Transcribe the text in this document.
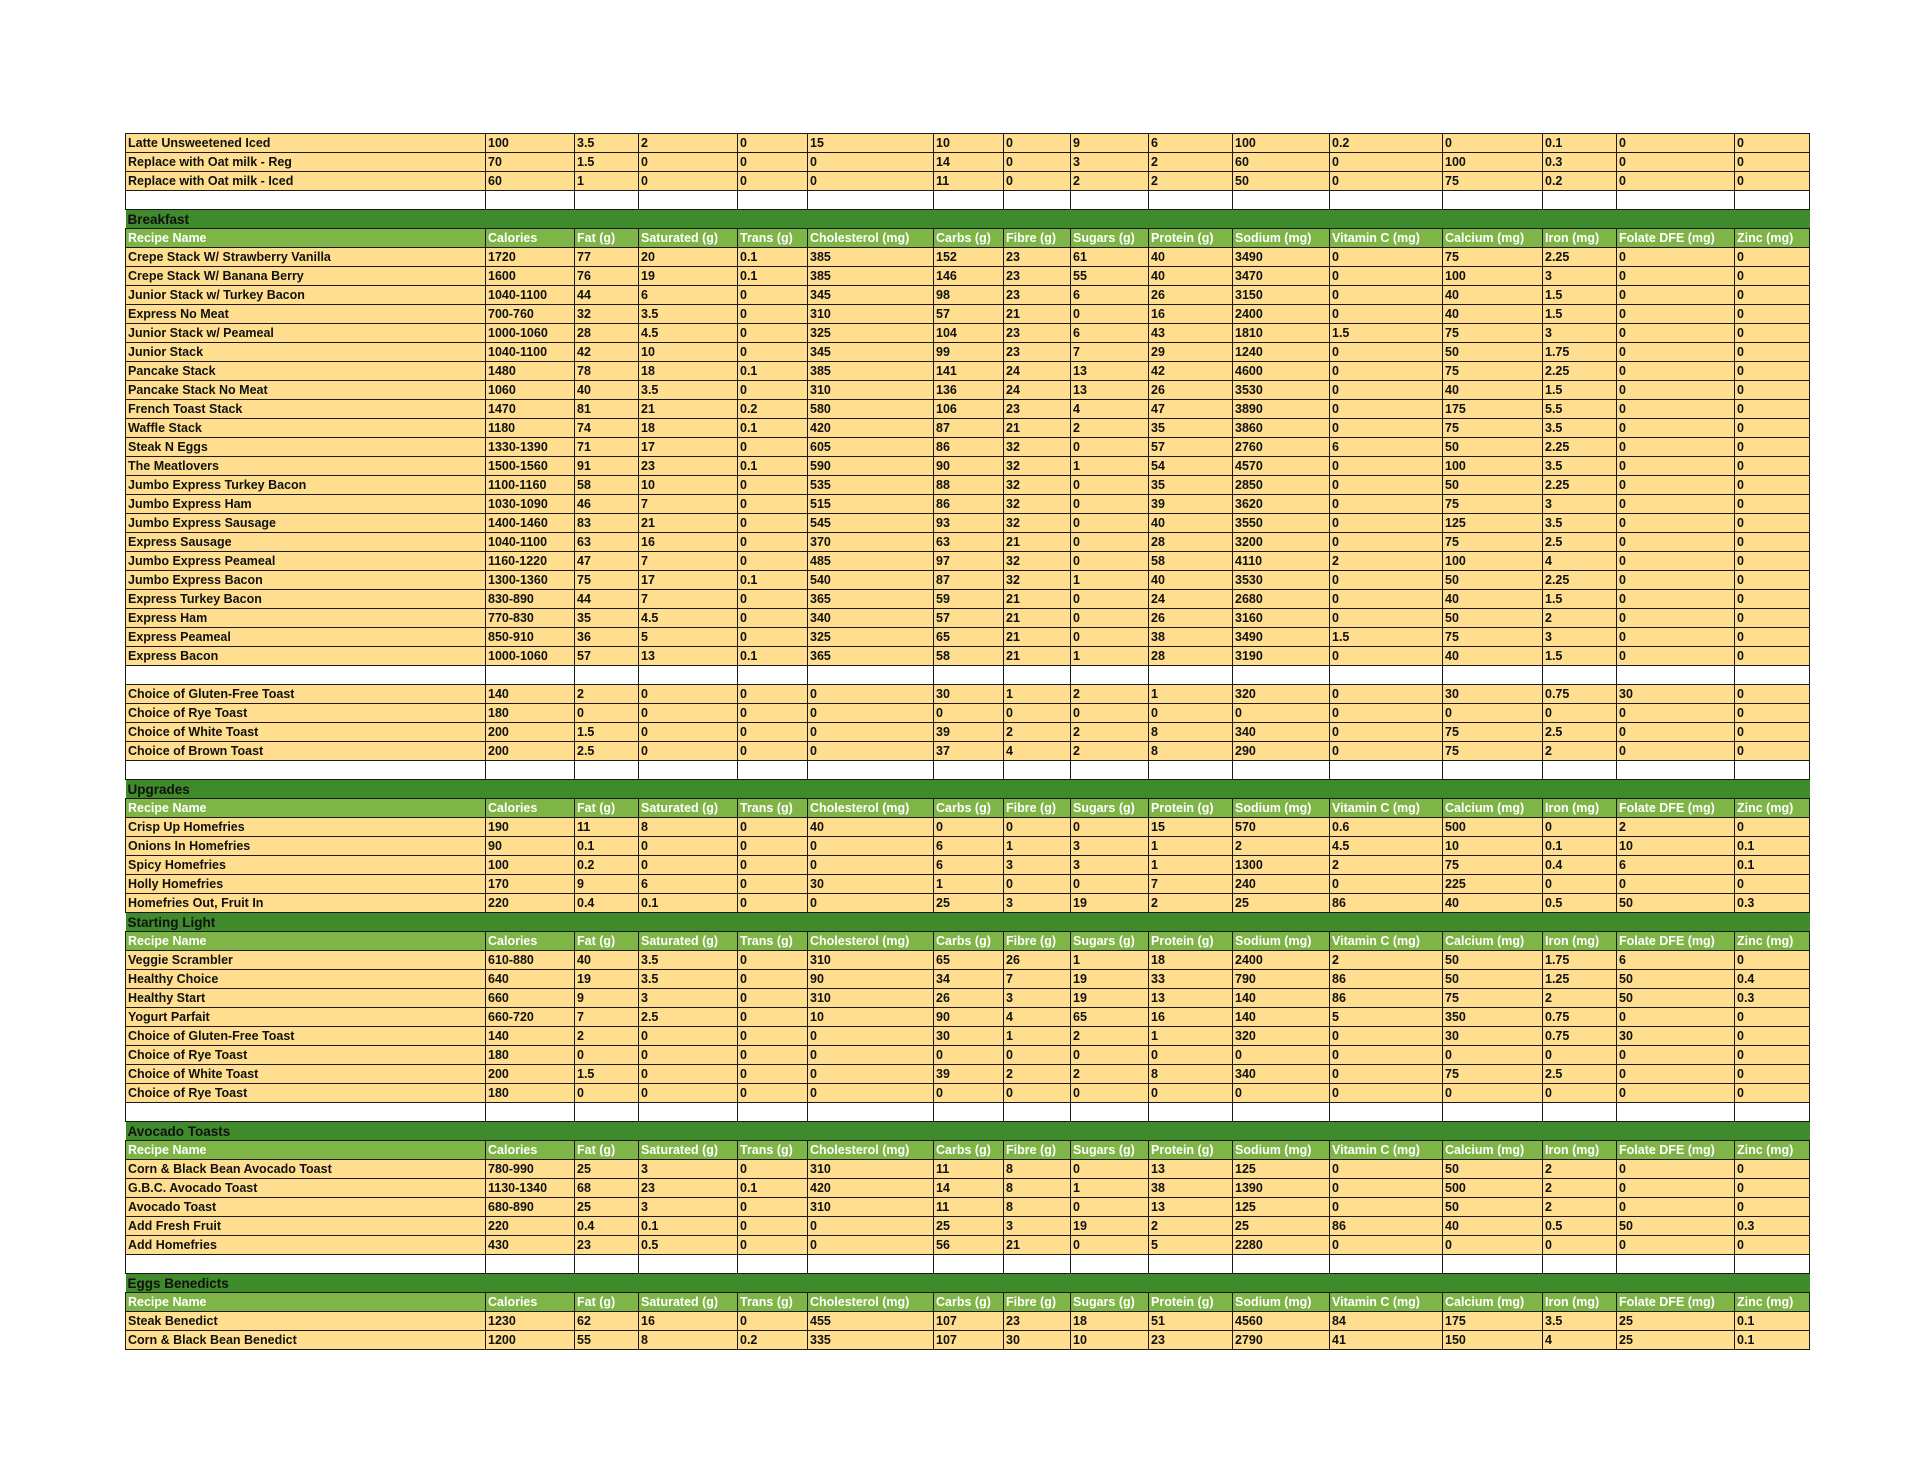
Latte Unsweetened Iced	100	3.5	2	0	15	10	0	9	6	100	0.2	0	0.1	0	0
Replace with Oat milk - Reg	70	1.5	0	0	0	14	0	3	2	60	0	100	0.3	0	0
Replace with Oat milk - Iced	60	1	0	0	0	11	0	2	2	50	0	75	0.2	0	0

Breakfast															
Recipe Name	Calories	Fat (g)	Saturated (g)	Trans (g)	Cholesterol (mg)	Carbs (g)	Fibre (g)	Sugars (g)	Protein (g)	Sodium (mg)	Vitamin C (mg)	Calcium (mg)	Iron (mg)	Folate DFE (mg)	Zinc (mg)
Crepe Stack W/ Strawberry Vanilla	1720	77	20	0.1	385	152	23	61	40	3490	0	75	2.25	0	0
Crepe Stack W/ Banana Berry	1600	76	19	0.1	385	146	23	55	40	3470	0	100	3	0	0
Junior Stack w/ Turkey Bacon	1040-1100	44	6	0	345	98	23	6	26	3150	0	40	1.5	0	0
Express No Meat	700-760	32	3.5	0	310	57	21	0	16	2400	0	40	1.5	0	0
Junior Stack w/ Peameal	1000-1060	28	4.5	0	325	104	23	6	43	1810	1.5	75	3	0	0
Junior Stack	1040-1100	42	10	0	345	99	23	7	29	1240	0	50	1.75	0	0
Pancake Stack	1480	78	18	0.1	385	141	24	13	42	4600	0	75	2.25	0	0
Pancake Stack No Meat	1060	40	3.5	0	310	136	24	13	26	3530	0	40	1.5	0	0
French Toast Stack	1470	81	21	0.2	580	106	23	4	47	3890	0	175	5.5	0	0
Waffle Stack	1180	74	18	0.1	420	87	21	2	35	3860	0	75	3.5	0	0
Steak N Eggs	1330-1390	71	17	0	605	86	32	0	57	2760	6	50	2.25	0	0
The Meatlovers	1500-1560	91	23	0.1	590	90	32	1	54	4570	0	100	3.5	0	0
Jumbo Express Turkey Bacon	1100-1160	58	10	0	535	88	32	0	35	2850	0	50	2.25	0	0
Jumbo Express Ham	1030-1090	46	7	0	515	86	32	0	39	3620	0	75	3	0	0
Jumbo Express Sausage	1400-1460	83	21	0	545	93	32	0	40	3550	0	125	3.5	0	0
Express Sausage	1040-1100	63	16	0	370	63	21	0	28	3200	0	75	2.5	0	0
Jumbo Express Peameal	1160-1220	47	7	0	485	97	32	0	58	4110	2	100	4	0	0
Jumbo Express Bacon	1300-1360	75	17	0.1	540	87	32	1	40	3530	0	50	2.25	0	0
Express Turkey Bacon	830-890	44	7	0	365	59	21	0	24	2680	0	40	1.5	0	0
Express Ham	770-830	35	4.5	0	340	57	21	0	26	3160	0	50	2	0	0
Express Peameal	850-910	36	5	0	325	65	21	0	38	3490	1.5	75	3	0	0
Express Bacon	1000-1060	57	13	0.1	365	58	21	1	28	3190	0	40	1.5	0	0

Choice of Gluten-Free Toast	140	2	0	0	0	30	1	2	1	320	0	30	0.75	30	0
Choice of Rye Toast	180	0	0	0	0	0	0	0	0	0	0	0	0	0	0
Choice of White Toast	200	1.5	0	0	0	39	2	2	8	340	0	75	2.5	0	0
Choice of Brown Toast	200	2.5	0	0	0	37	4	2	8	290	0	75	2	0	0

Upgrades															
Recipe Name	Calories	Fat (g)	Saturated (g)	Trans (g)	Cholesterol (mg)	Carbs (g)	Fibre (g)	Sugars (g)	Protein (g)	Sodium (mg)	Vitamin C (mg)	Calcium (mg)	Iron (mg)	Folate DFE (mg)	Zinc (mg)
Crisp Up Homefries	190	11	8	0	40	0	0	0	15	570	0.6	500	0	2	0
Onions In Homefries	90	0.1	0	0	0	6	1	3	1	2	4.5	10	0.1	10	0.1
Spicy Homefries	100	0.2	0	0	0	6	3	3	1	1300	2	75	0.4	6	0.1
Holly Homefries	170	9	6	0	30	1	0	0	7	240	0	225	0	0	0
Homefries Out, Fruit In	220	0.4	0.1	0	0	25	3	19	2	25	86	40	0.5	50	0.3
Starting Light															
Recipe Name	Calories	Fat (g)	Saturated (g)	Trans (g)	Cholesterol (mg)	Carbs (g)	Fibre (g)	Sugars (g)	Protein (g)	Sodium (mg)	Vitamin C (mg)	Calcium (mg)	Iron (mg)	Folate DFE (mg)	Zinc (mg)
Veggie Scrambler	610-880	40	3.5	0	310	65	26	1	18	2400	2	50	1.75	6	0
Healthy Choice	640	19	3.5	0	90	34	7	19	33	790	86	50	1.25	50	0.4
Healthy Start	660	9	3	0	310	26	3	19	13	140	86	75	2	50	0.3
Yogurt Parfait	660-720	7	2.5	0	10	90	4	65	16	140	5	350	0.75	0	0
Choice of Gluten-Free Toast	140	2	0	0	0	30	1	2	1	320	0	30	0.75	30	0
Choice of Rye Toast	180	0	0	0	0	0	0	0	0	0	0	0	0	0	0
Choice of White Toast	200	1.5	0	0	0	39	2	2	8	340	0	75	2.5	0	0
Choice of Rye Toast	180	0	0	0	0	0	0	0	0	0	0	0	0	0	0

Avocado Toasts															
Recipe Name	Calories	Fat (g)	Saturated (g)	Trans (g)	Cholesterol (mg)	Carbs (g)	Fibre (g)	Sugars (g)	Protein (g)	Sodium (mg)	Vitamin C (mg)	Calcium (mg)	Iron (mg)	Folate DFE (mg)	Zinc (mg)
Corn & Black Bean Avocado Toast	780-990	25	3	0	310	11	8	0	13	125	0	50	2	0	0
G.B.C. Avocado Toast	1130-1340	68	23	0.1	420	14	8	1	38	1390	0	500	2	0	0
Avocado Toast	680-890	25	3	0	310	11	8	0	13	125	0	50	2	0	0
Add Fresh Fruit	220	0.4	0.1	0	0	25	3	19	2	25	86	40	0.5	50	0.3
Add Homefries	430	23	0.5	0	0	56	21	0	5	2280	0	0	0	0	0

Eggs Benedicts															
Recipe Name	Calories	Fat (g)	Saturated (g)	Trans (g)	Cholesterol (mg)	Carbs (g)	Fibre (g)	Sugars (g)	Protein (g)	Sodium (mg)	Vitamin C (mg)	Calcium (mg)	Iron (mg)	Folate DFE (mg)	Zinc (mg)
Steak Benedict	1230	62	16	0	455	107	23	18	51	4560	84	175	3.5	25	0.1
Corn & Black Bean Benedict	1200	55	8	0.2	335	107	30	10	23	2790	41	150	4	25	0.1
